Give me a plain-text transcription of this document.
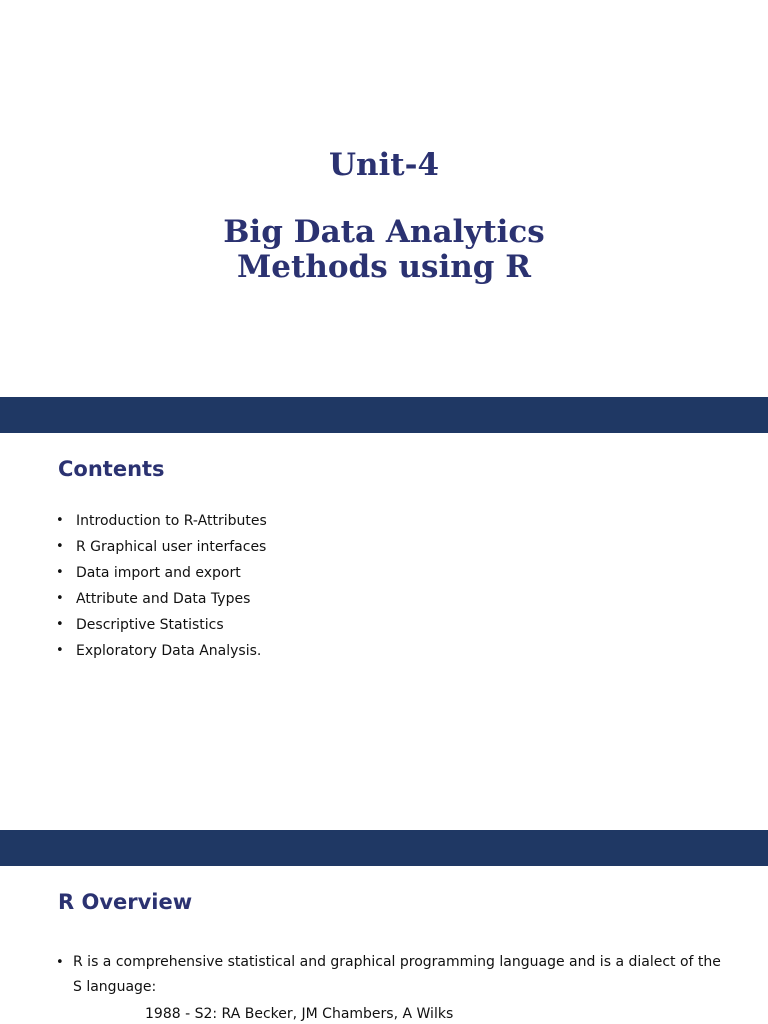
Unit-4
Big Data Analytics
Methods using R
Contents
• Introduction to R-Attributes
• R Graphical user interfaces
• Data import and export
• Attribute and Data Types
• Descriptive Statistics
• Exploratory Data Analysis.
R Overview
• R is a comprehensive statistical and graphical programming language and is a dialect of the S language:
1988 - S2: RA Becker, JM Chambers, A Wilks
